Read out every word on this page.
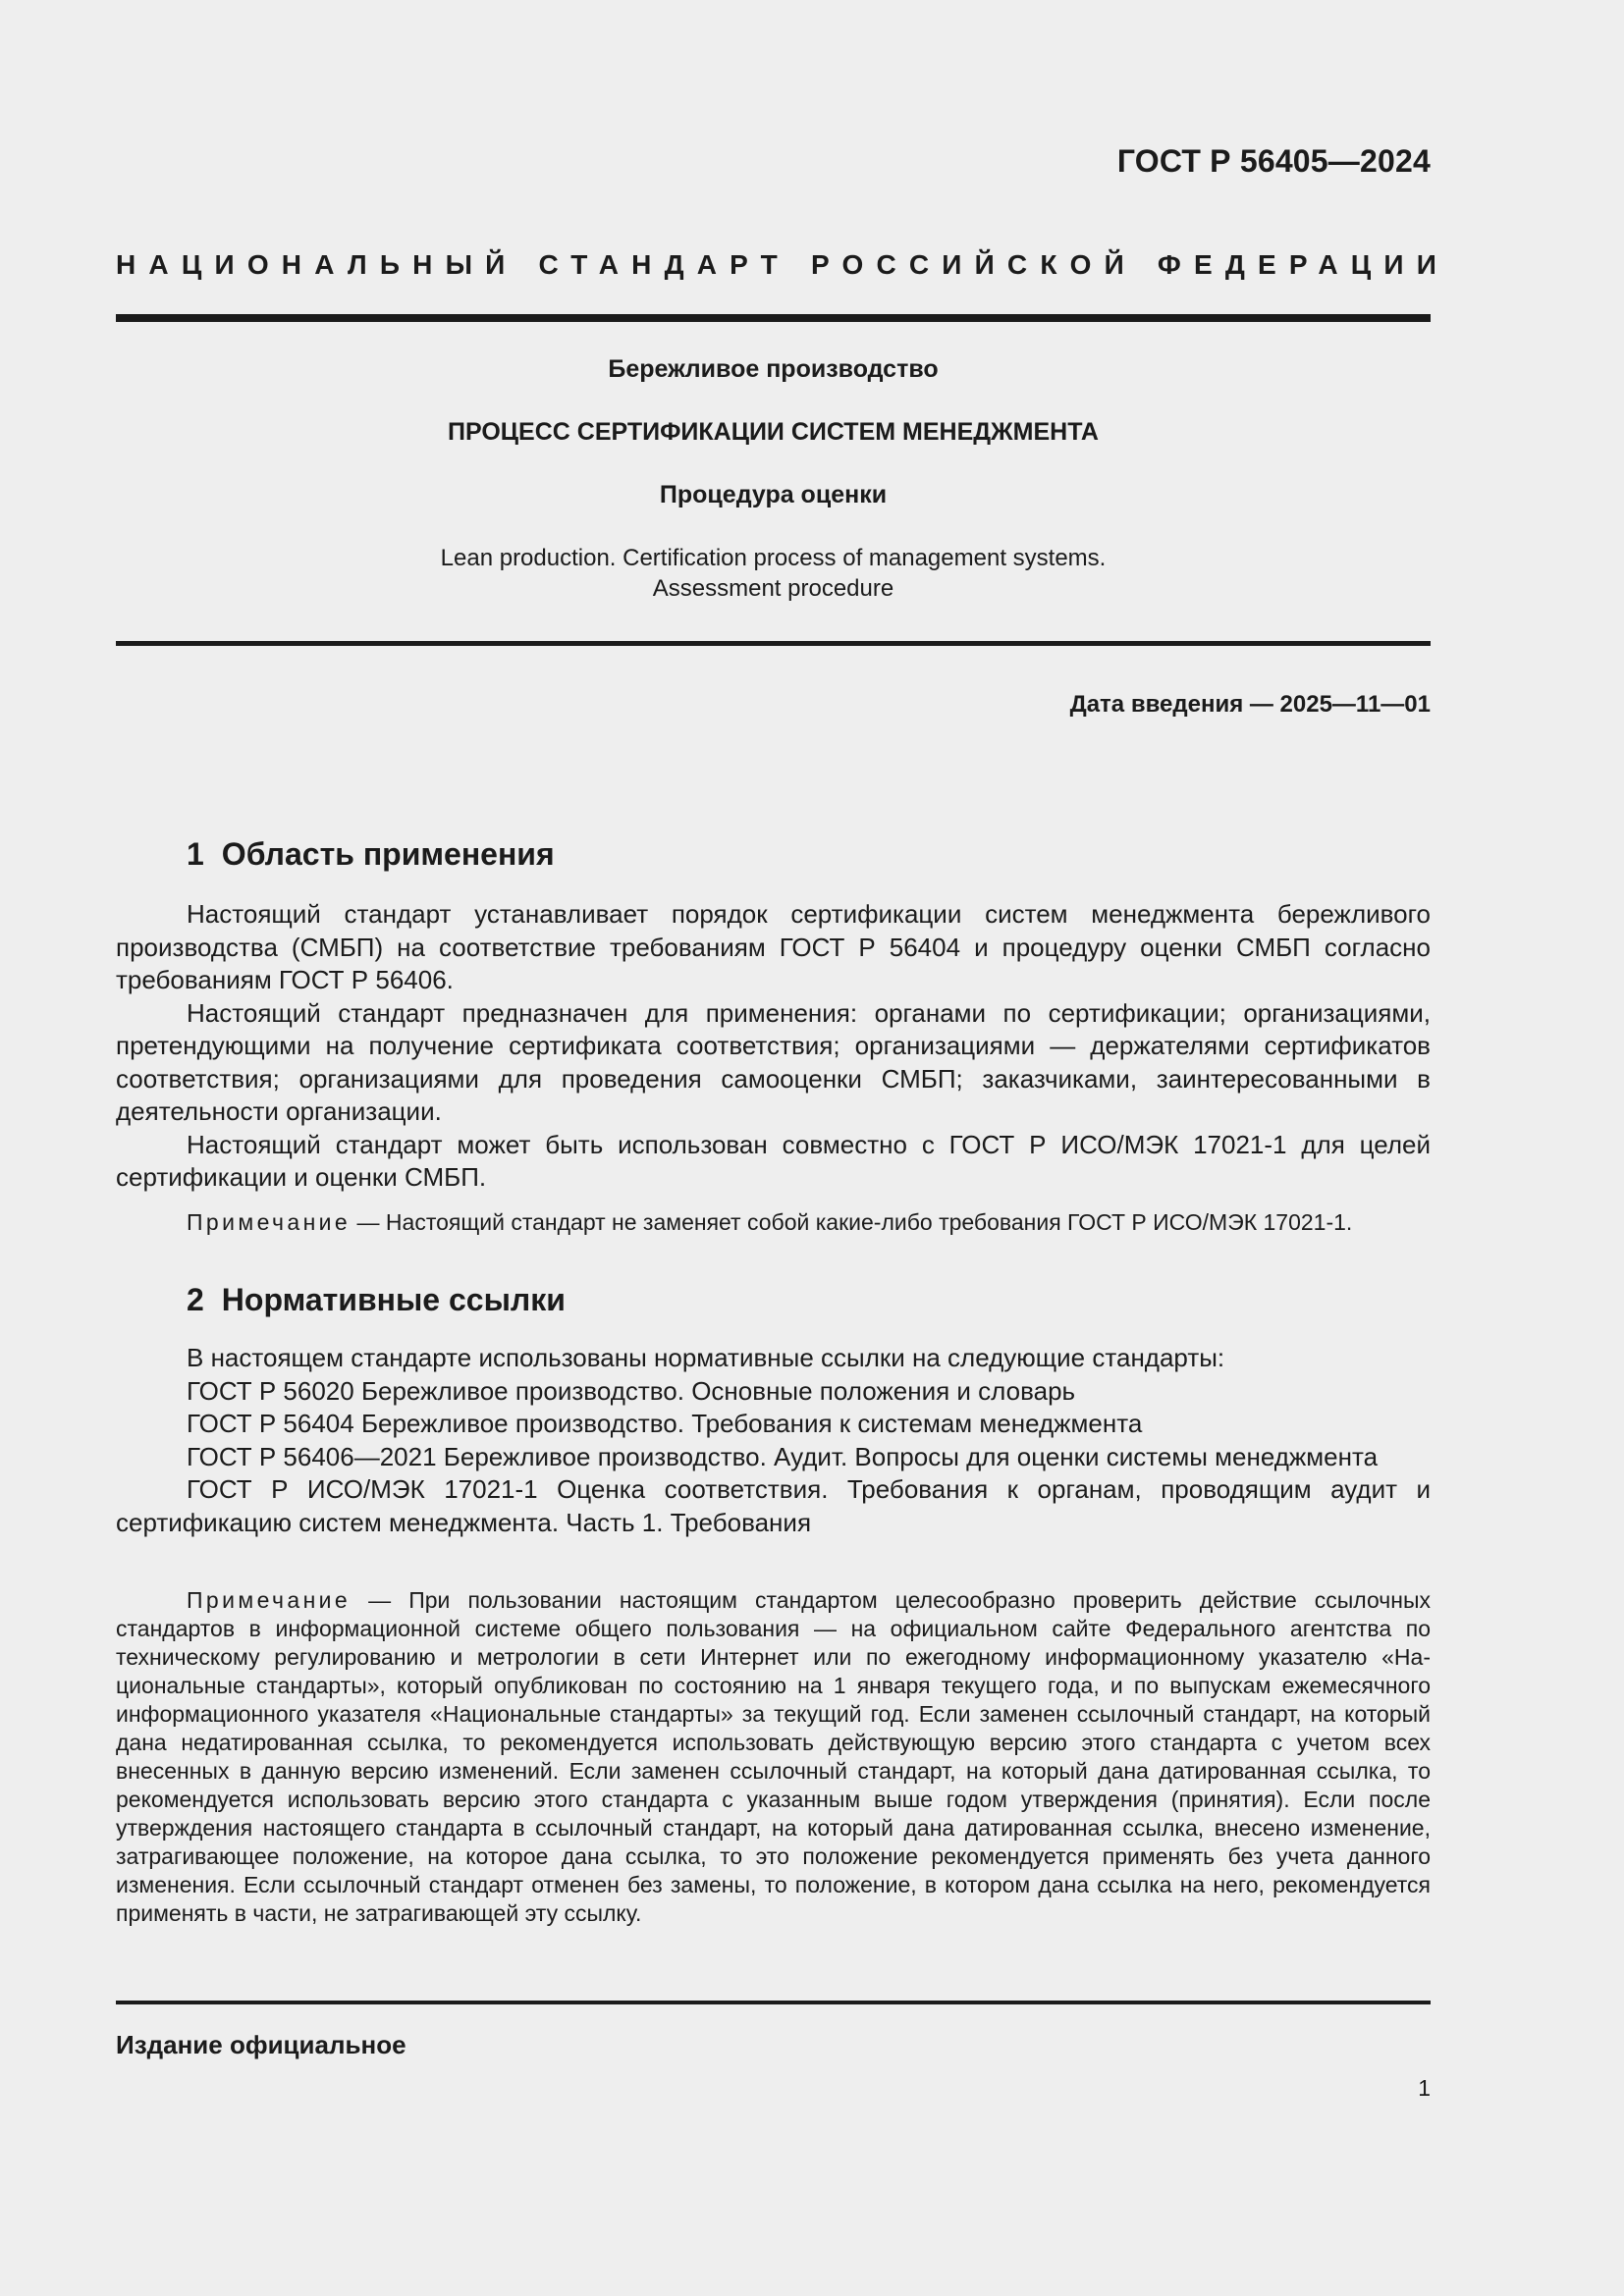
ГОСТ Р 56405—2024
НАЦИОНАЛЬНЫЙ СТАНДАРТ РОССИЙСКОЙ ФЕДЕРАЦИИ
Бережливое производство
ПРОЦЕСС СЕРТИФИКАЦИИ СИСТЕМ МЕНЕДЖМЕНТА
Процедура оценки
Lean production. Certification process of management systems.
Assessment procedure
Дата введения — 2025—11—01
1 Область применения

Настоящий стандарт устанавливает порядок сертификации систем менеджмента бережливого производства (СМБП) на соответствие требованиям ГОСТ Р 56404 и процедуру оценки СМБП согласно требованиям ГОСТ Р 56406.

Настоящий стандарт предназначен для применения: органами по сертификации; организациями, претендующими на получение сертификата соответствия; организациями — держателями сертификатов соответствия; организациями для проведения самооценки СМБП; заказчиками, заинтересованными в деятельности организации.

Настоящий стандарт может быть использован совместно с ГОСТ Р ИСО/МЭК 17021-1 для целей сертификации и оценки СМБП.

Примечание — Настоящий стандарт не заменяет собой какие-либо требования ГОСТ Р ИСО/МЭК 17021-1.

2 Нормативные ссылки

В настоящем стандарте использованы нормативные ссылки на следующие стандарты:

ГОСТ Р 56020 Бережливое производство. Основные положения и словарь

ГОСТ Р 56404 Бережливое производство. Требования к системам менеджмента

ГОСТ Р 56406—2021 Бережливое производство. Аудит. Вопросы для оценки системы менеджмента

ГОСТ Р ИСО/МЭК 17021-1 Оценка соответствия. Требования к органам, проводящим аудит и сертификацию систем менеджмента. Часть 1. Требования

Примечание — При пользовании настоящим стандартом целесообразно проверить действие ссылочных стандартов в информационной системе общего пользования — на официальном сайте Федерального агентства по техническому регулированию и метрологии в сети Интернет или по ежегодному информационному указателю «Национальные стандарты», который опубликован по состоянию на 1 января текущего года, и по выпускам ежемесячного информационного указателя «Национальные стандарты» за текущий год. Если заменен ссылочный стандарт, на который дана недатированная ссылка, то рекомендуется использовать действующую версию этого стандарта с учетом всех внесенных в данную версию изменений. Если заменен ссылочный стандарт, на который дана датированная ссылка, то рекомендуется использовать версию этого стандарта с указанным выше годом утверждения (принятия). Если после утверждения настоящего стандарта в ссылочный стандарт, на который дана датированная ссылка, внесено изменение, затрагивающее положение, на которое дана ссылка, то это положение рекомендуется применять без учета данного изменения. Если ссылочный стандарт отменен без замены, то положение, в котором дана ссылка на него, рекомендуется применять в части, не затрагивающей эту ссылку.

Издание официальное
1
